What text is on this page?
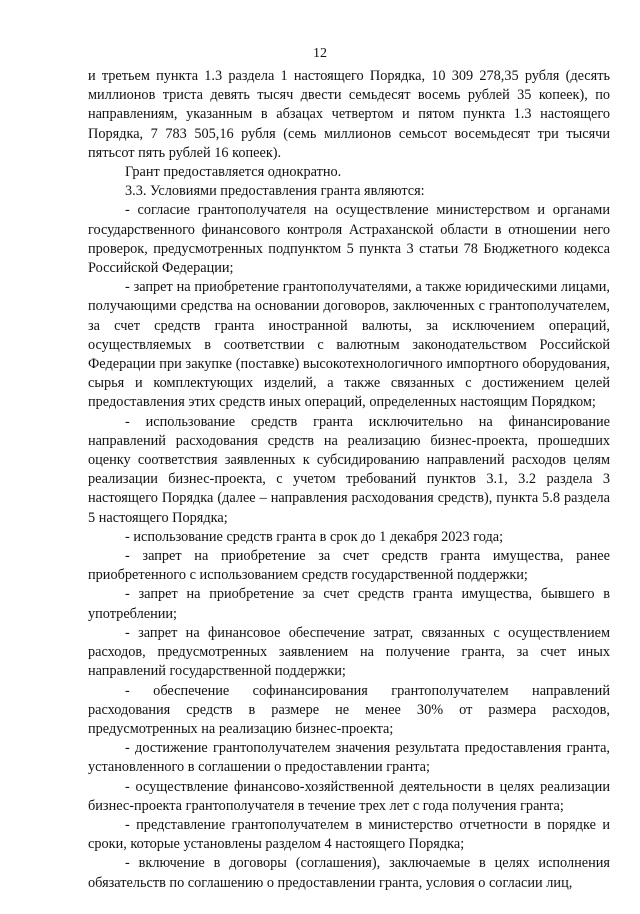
12

и третьем пункта 1.3 раздела 1 настоящего Порядка, 10 309 278,35 рубля (десять миллионов триста девять тысяч двести семьдесят восемь рублей 35 копеек), по направлениям, указанным в абзацах четвертом и пятом пункта 1.3 настоящего Порядка, 7 783 505,16 рубля (семь миллионов семьсот восемьдесят три тысячи пятьсот пять рублей 16 копеек).

Грант предоставляется однократно.

3.3. Условиями предоставления гранта являются:

- согласие грантополучателя на осуществление министерством и органами государственного финансового контроля Астраханской области в отношении него проверок, предусмотренных подпунктом 5 пункта 3 статьи 78 Бюджетного кодекса Российской Федерации;

- запрет на приобретение грантополучателями, а также юридическими лицами, получающими средства на основании договоров, заключенных с грантополучателем, за счет средств гранта иностранной валюты, за исключением операций, осуществляемых в соответствии с валютным законодательством Российской Федерации при закупке (поставке) высокотехнологичного импортного оборудования, сырья и комплектующих изделий, а также связанных с достижением целей предоставления этих средств иных операций, определенных настоящим Порядком;

- использование средств гранта исключительно на финансирование направлений расходования средств на реализацию бизнес-проекта, прошедших оценку соответствия заявленных к субсидированию направлений расходов целям реализации бизнес-проекта, с учетом требований пунктов 3.1, 3.2 раздела 3 настоящего Порядка (далее – направления расходования средств), пункта 5.8 раздела 5 настоящего Порядка;

- использование средств гранта в срок до 1 декабря 2023 года;

- запрет на приобретение за счет средств гранта имущества, ранее приобретенного с использованием средств государственной поддержки;

- запрет на приобретение за счет средств гранта имущества, бывшего в употреблении;

- запрет на финансовое обеспечение затрат, связанных с осуществлением расходов, предусмотренных заявлением на получение гранта, за счет иных направлений государственной поддержки;

- обеспечение софинансирования грантополучателем направлений расходования средств в размере не менее 30% от размера расходов, предусмотренных на реализацию бизнес-проекта;

- достижение грантополучателем значения результата предоставления гранта, установленного в соглашении о предоставлении гранта;

- осуществление финансово-хозяйственной деятельности в целях реализации бизнес-проекта грантополучателя в течение трех лет с года получения гранта;

- представление грантополучателем в министерство отчетности в порядке и сроки, которые установлены разделом 4 настоящего Порядка;

- включение в договоры (соглашения), заключаемые в целях исполнения обязательств по соглашению о предоставлении гранта, условия о согласии лиц,
